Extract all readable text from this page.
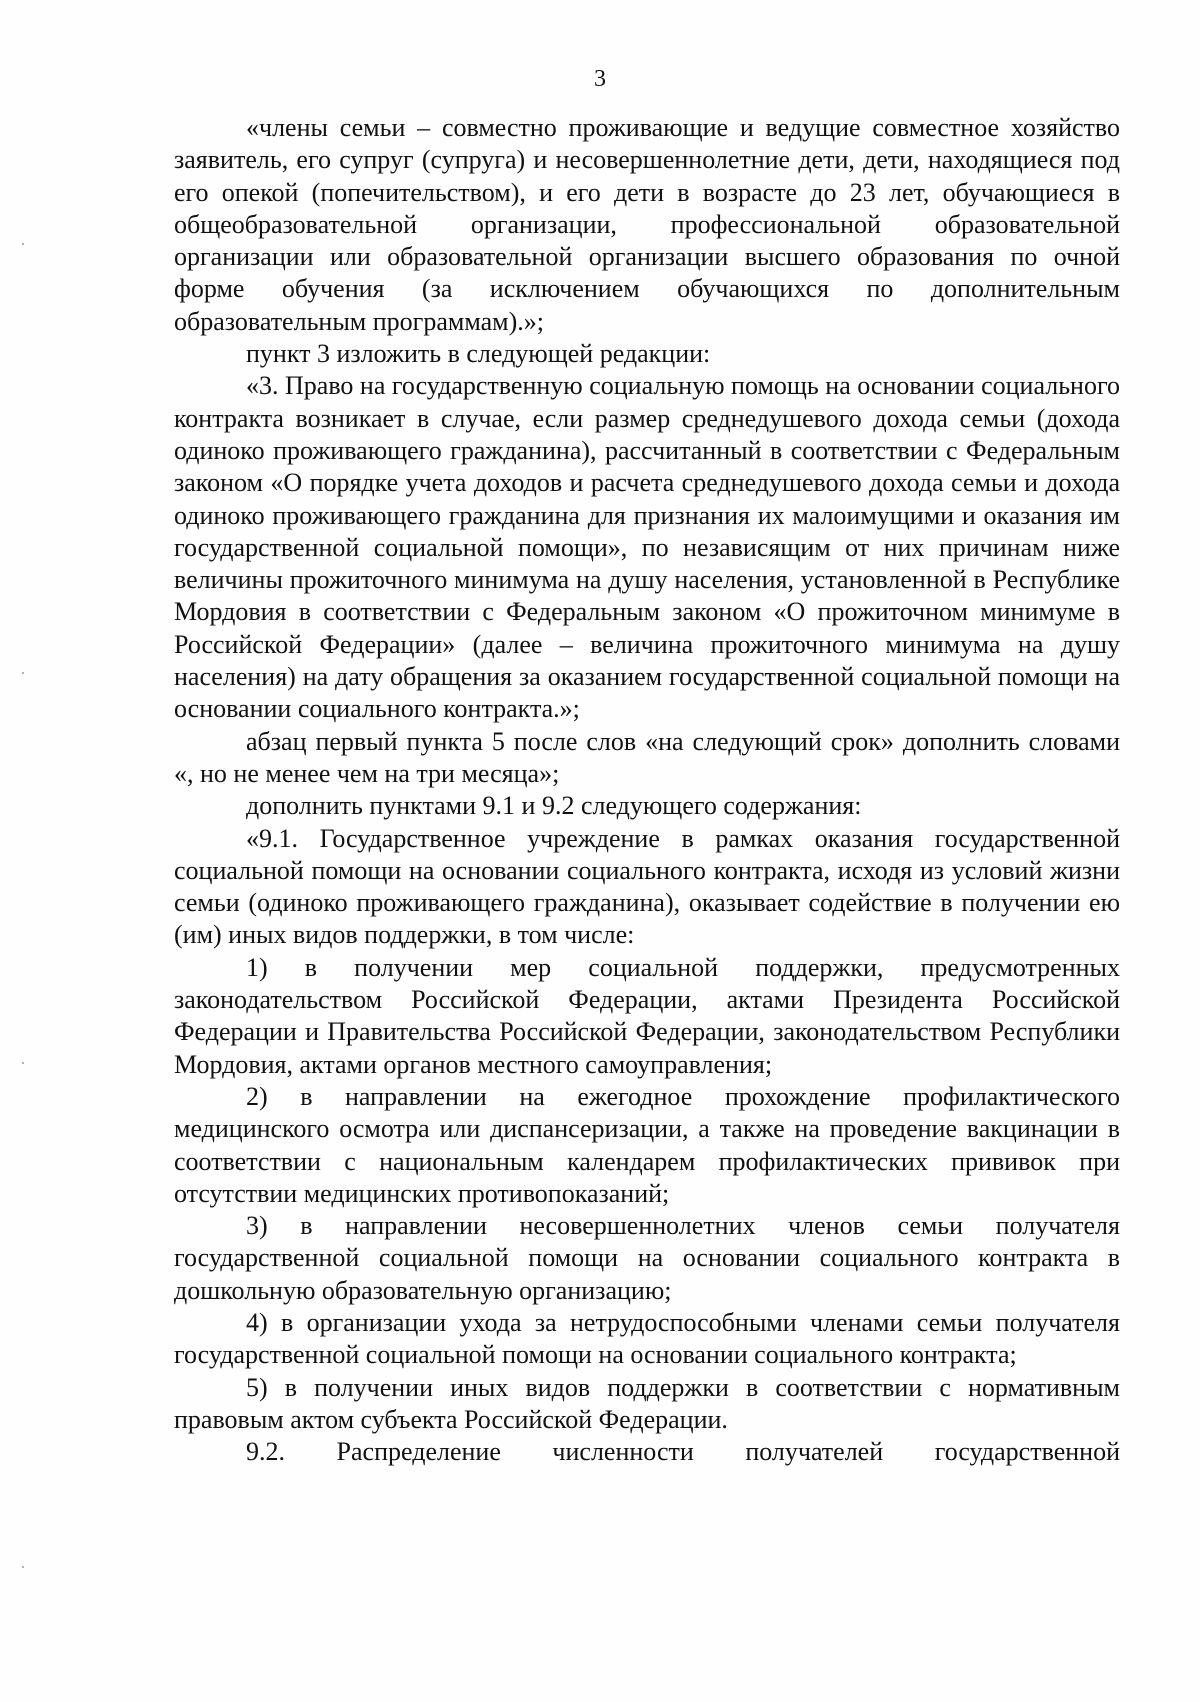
3

«члены семьи – совместно проживающие и ведущие совместное хозяйство заявитель, его супруг (супруга) и несовершеннолетние дети, дети, находящиеся под его опекой (попечительством), и его дети в возрасте до 23 лет, обучающиеся в общеобразовательной организации, профессиональной образовательной организации или образовательной организации высшего образования по очной форме обучения (за исключением обучающихся по дополнительным образовательным программам).»;

пункт 3 изложить в следующей редакции:

«3. Право на государственную социальную помощь на основании социального контракта возникает в случае, если размер среднедушевого дохода семьи (дохода одиноко проживающего гражданина), рассчитанный в соответствии с Федеральным законом «О порядке учета доходов и расчета среднедушевого дохода семьи и дохода одиноко проживающего гражданина для признания их малоимущими и оказания им государственной социальной помощи», по независящим от них причинам ниже величины прожиточного минимума на душу населения, установленной в Республике Мордовия в соответствии с Федеральным законом «О прожиточном минимуме в Российской Федерации» (далее – величина прожиточного минимума на душу населения) на дату обращения за оказанием государственной социальной помощи на основании социального контракта.»;

абзац первый пункта 5 после слов «на следующий срок» дополнить словами «, но не менее чем на три месяца»;

дополнить пунктами 9.1 и 9.2 следующего содержания:

«9.1. Государственное учреждение в рамках оказания государственной социальной помощи на основании социального контракта, исходя из условий жизни семьи (одиноко проживающего гражданина), оказывает содействие в получении ею (им) иных видов поддержки, в том числе:

1) в получении мер социальной поддержки, предусмотренных законодательством Российской Федерации, актами Президента Российской Федерации и Правительства Российской Федерации, законодательством Республики Мордовия, актами органов местного самоуправления;

2) в направлении на ежегодное прохождение профилактического медицинского осмотра или диспансеризации, а также на проведение вакцинации в соответствии с национальным календарем профилактических прививок при отсутствии медицинских противопоказаний;

3) в направлении несовершеннолетних членов семьи получателя государственной социальной помощи на основании социального контракта в дошкольную образовательную организацию;

4) в организации ухода за нетрудоспособными членами семьи получателя государственной социальной помощи на основании социального контракта;

5) в получении иных видов поддержки в соответствии с нормативным правовым актом субъекта Российской Федерации.

9.2. Распределение численности получателей государственной
